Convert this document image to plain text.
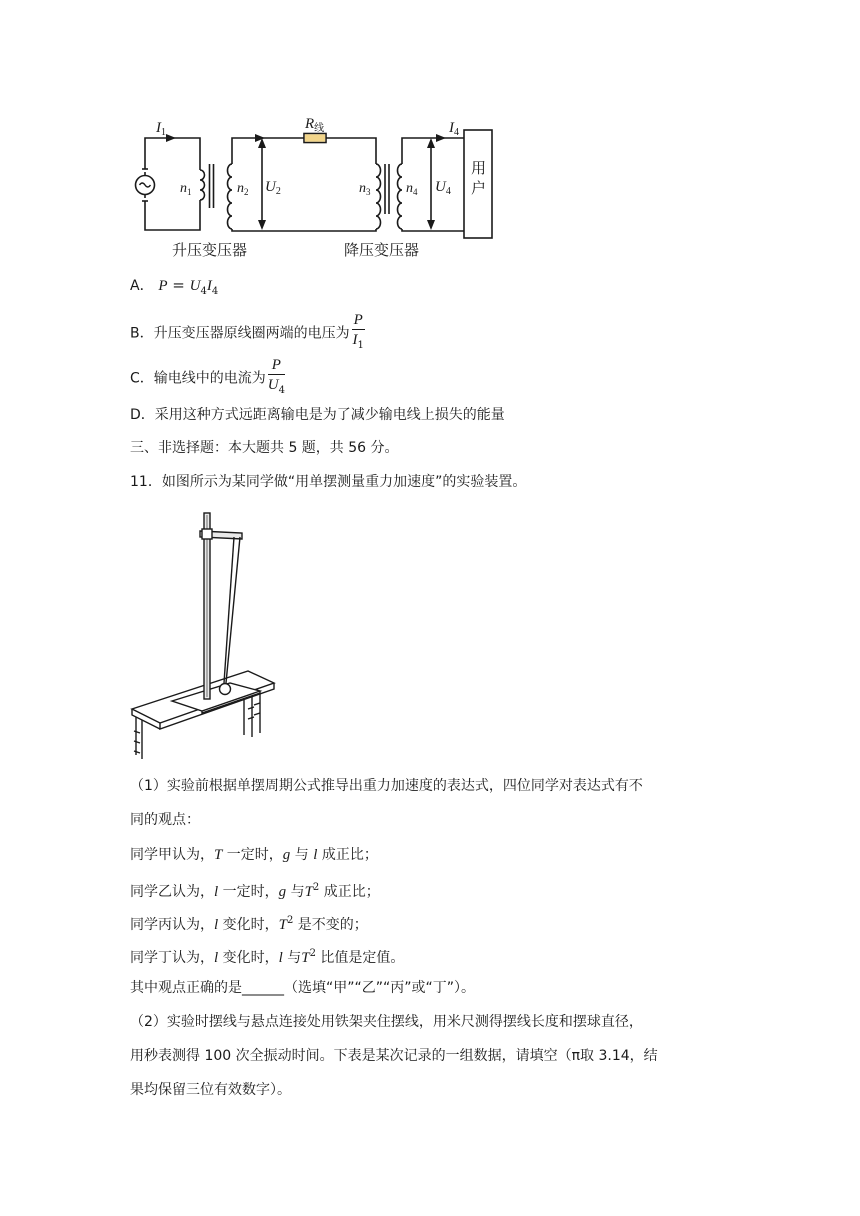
~
$I_1$
$R_线$	$I_4$
$n_1$	$n_2$ $U_2$	$n_3$	$n_4$ $U_4$
用
户
升压变压器	降压变压器
A． $P = U_4I_4$
B．升压变压器原线圈两端的电压为 $\frac{P}{I_1}$
C．输电线中的电流为 $\frac{P}{U_4}$
D．采用这种方式远距离输电是为了减少输电线上损失的能量
三、非选择题：本大题共 5 题，共 56 分。
11．如图所示为某同学做“用单摆测量重力加速度”的实验装置。
（1）实验前根据单摆周期公式推导出重力加速度的表达式，四位同学对表达式有不
同的观点：
同学甲认为，T 一定时，g 与 l 成正比；
同学乙认为，l 一定时，g 与$T^2$ 成正比；
同学丙认为，l 变化时，$T^2$ 是不变的；
同学丁认为，l 变化时，l 与$T^2$ 比值是定值。
其中观点正确的是______（选填“甲”“乙”“丙”或“丁”）。
（2）实验时摆线与悬点连接处用铁架夹住摆线，用米尺测得摆线长度和摆球直径，
用秒表测得 100 次全振动时间。下表是某次记录的一组数据，请填空（π取 3.14，结
果均保留三位有效数字）。
